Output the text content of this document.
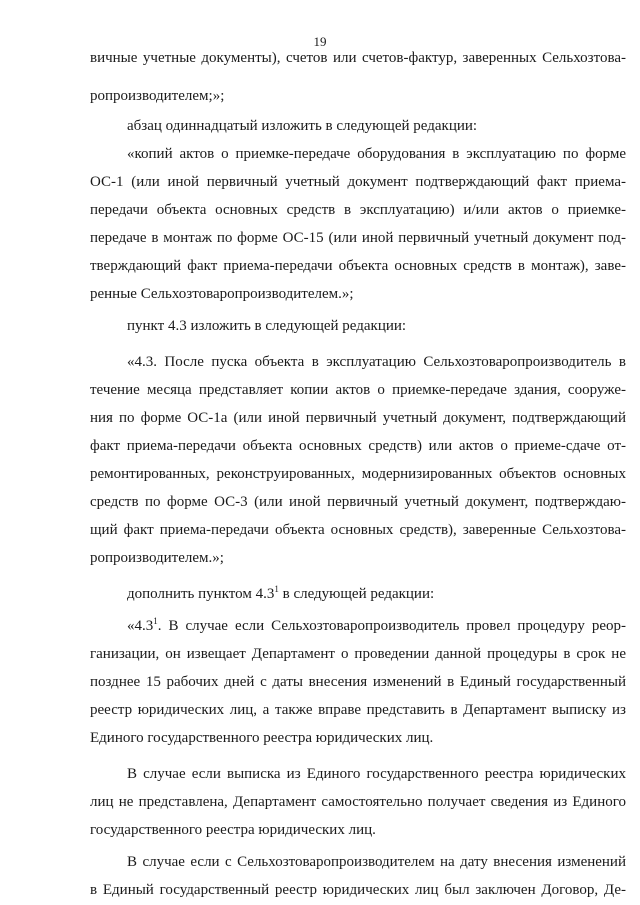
19
вичные учетные документы), счетов или счетов-фактур, заверенных Сельхозтова-
ропроизводителем;»;
абзац одиннадцатый изложить в следующей редакции:
«копий актов о приемке-передаче оборудования в эксплуатацию по форме
ОС-1 (или иной первичный учетный документ подтверждающий факт приема-
передачи объекта основных средств в эксплуатацию) и/или актов о приемке-
передаче в монтаж по форме ОС-15 (или иной первичный учетный документ под-
тверждающий факт приема-передачи объекта основных средств в монтаж), заве-
ренные Сельхозтоваропроизводителем.»;
пункт 4.3 изложить в следующей редакции:
«4.3. После пуска объекта в эксплуатацию Сельхозтоваропроизводитель в
течение месяца представляет копии актов о приемке-передаче здания, сооруже-
ния по форме ОС-1а (или иной первичный учетный документ, подтверждающий
факт приема-передачи объекта основных средств) или актов о приеме-сдаче от-
ремонтированных, реконструированных, модернизированных объектов основных
средств по форме ОС-3 (или иной первичный учетный документ, подтверждаю-
щий факт приема-передачи объекта основных средств), заверенные Сельхозтова-
ропроизводителем.»;
дополнить пунктом $4.3^1$ в следующей редакции:
«$4.3^1$. В случае если Сельхозтоваропроизводитель провел процедуру реор-
ганизации, он извещает Департамент о проведении данной процедуры в срок не
позднее 15 рабочих дней с даты внесения изменений в Единый государственный
реестр юридических лиц, а также вправе представить в Департамент выписку из
Единого государственного реестра юридических лиц.
В случае если выписка из Единого государственного реестра юридических
лиц не представлена, Департамент самостоятельно получает сведения из Единого
государственного реестра юридических лиц.
В случае если с Сельхозтоваропроизводителем на дату внесения изменений
в Единый государственный реестр юридических лиц был заключен Договор, Де-
